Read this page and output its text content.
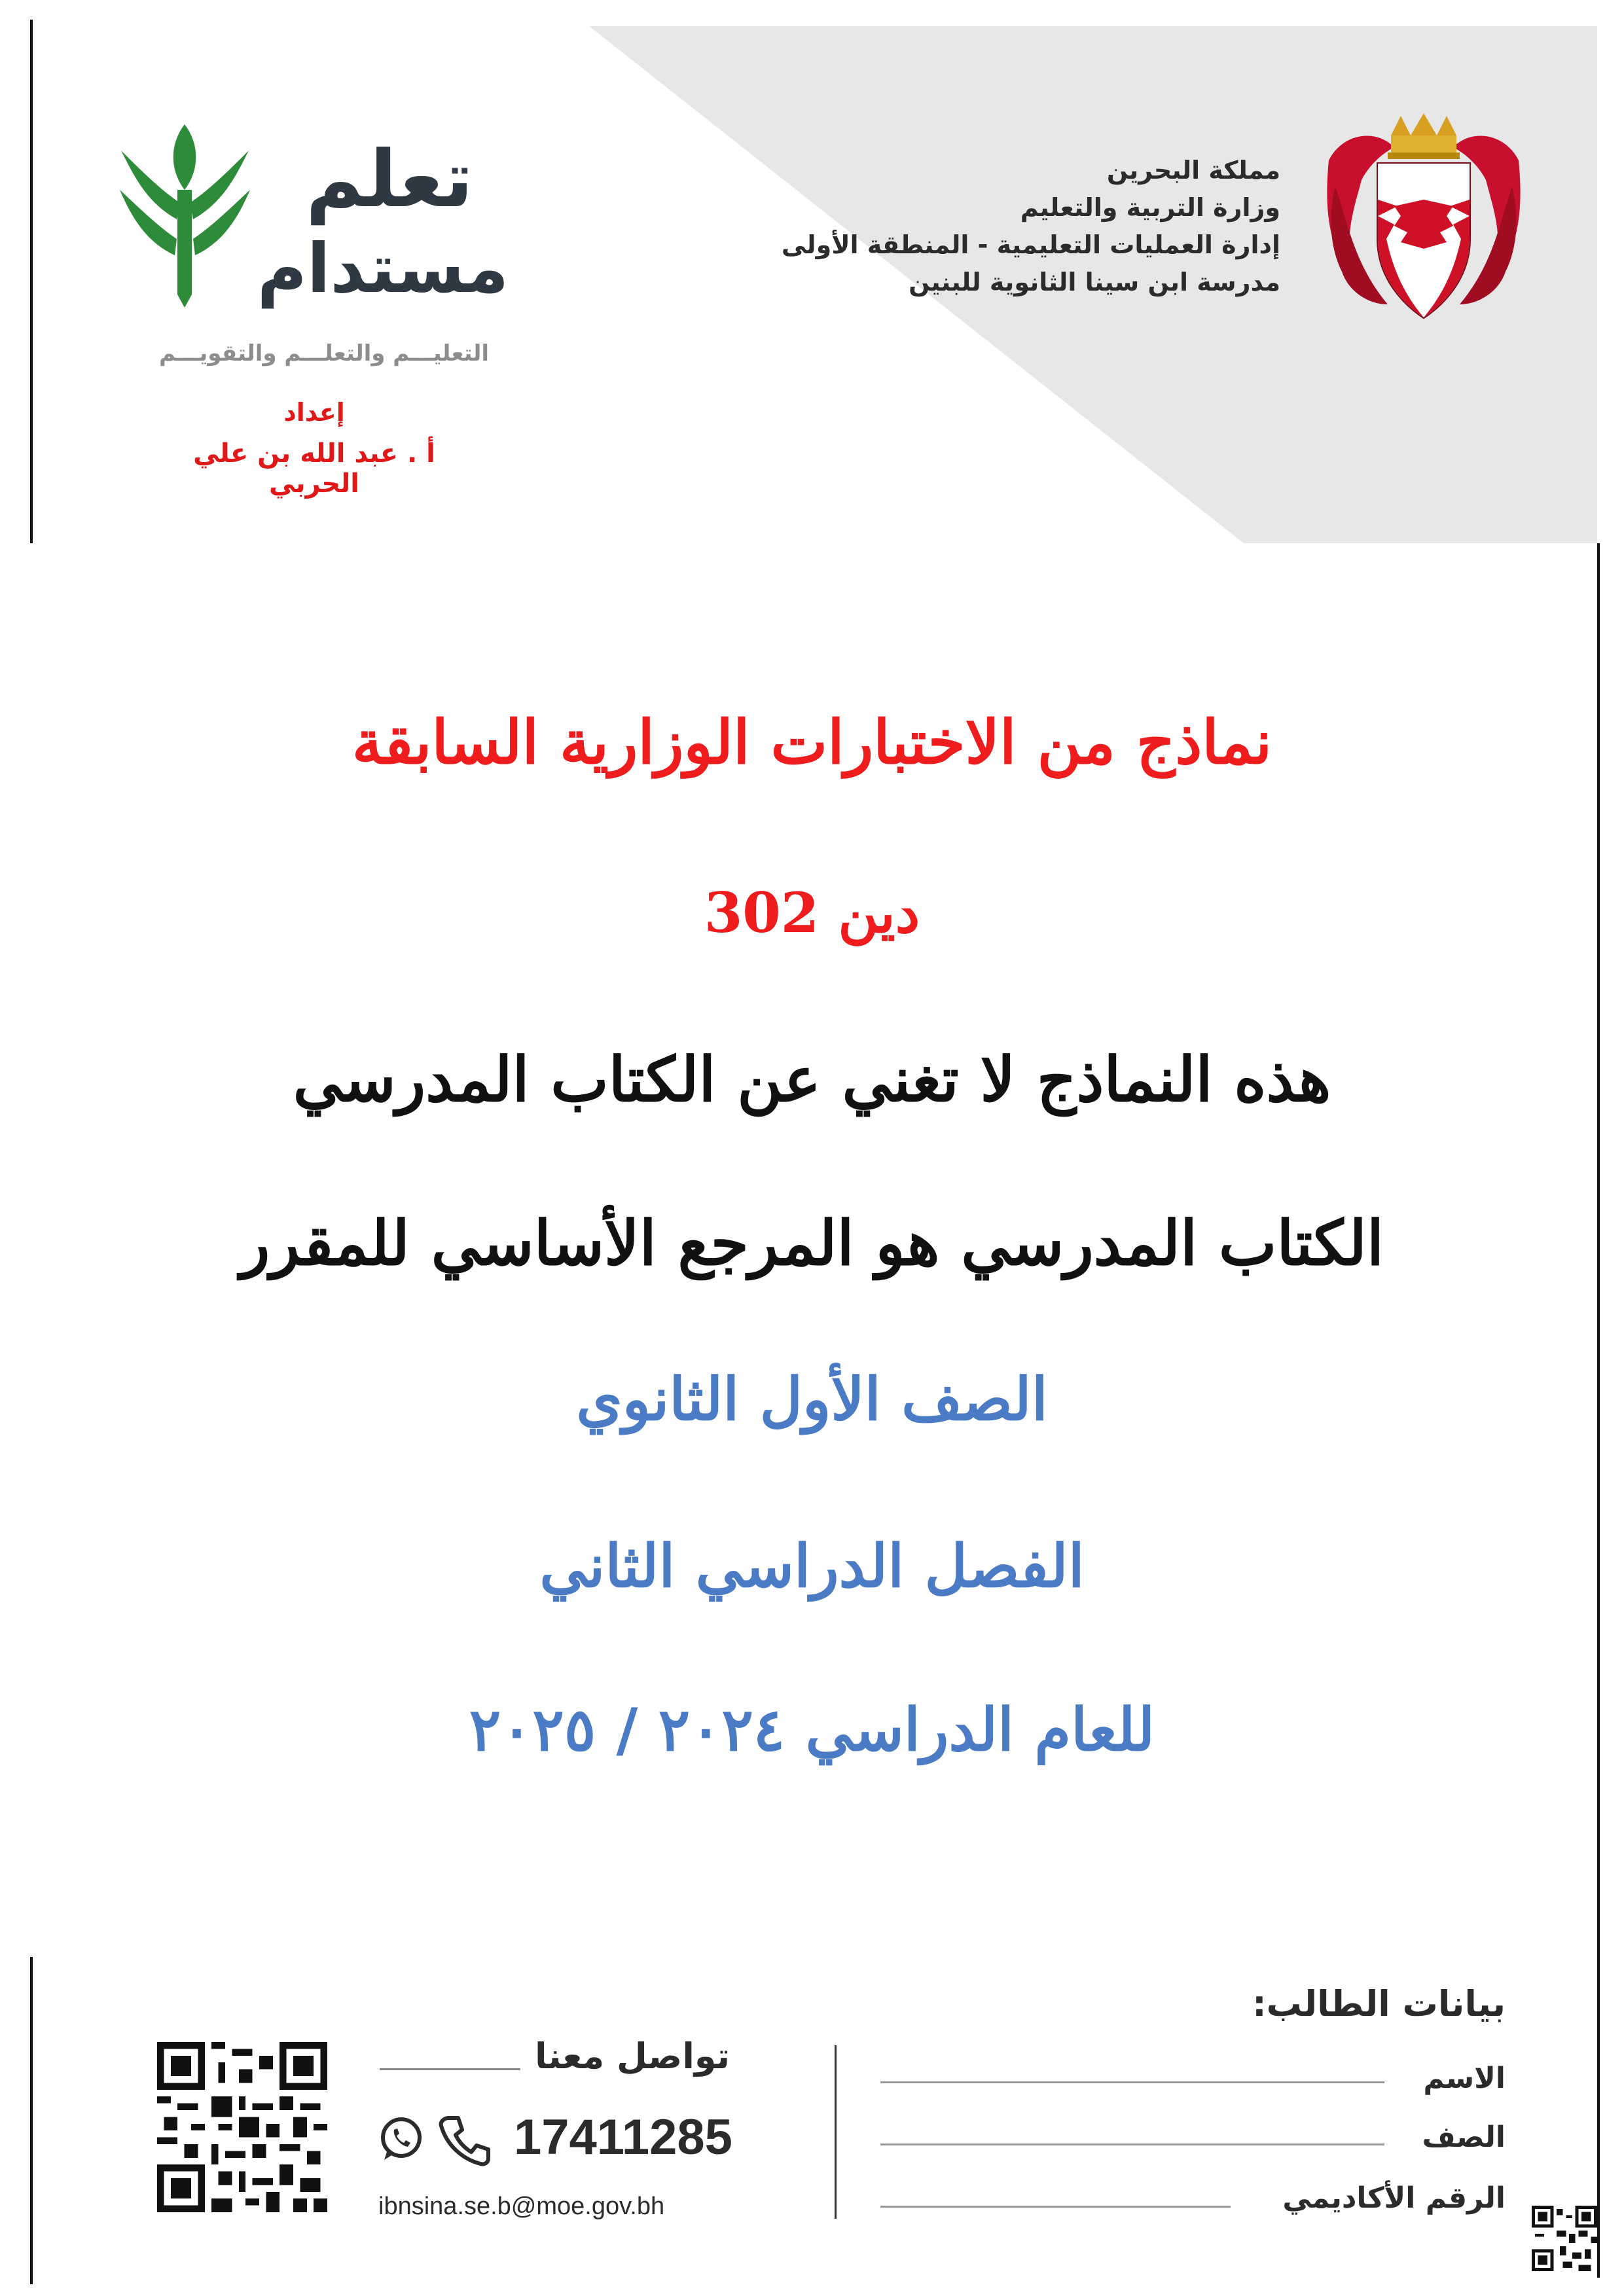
مملكة البحرين
وزارة التربية والتعليم
إدارة العمليات التعليمية - المنطقة الأولى
مدرسة ابن سينا الثانوية للبنين
تعلم
مستدام
التعليـــم والتعلـــم والتقويـــم
إعداد
أ . عبد الله بن علي الحربي
نماذج من الاختبارات الوزارية السابقة
دين 302
هذه النماذج لا تغني عن الكتاب المدرسي
الكتاب المدرسي هو المرجع الأساسي للمقرر
الصف الأول الثانوي
الفصل الدراسي الثاني
للعام الدراسي ٢٠٢٤ / ٢٠٢٥
بيانات الطالب:
الاسم
الصف
الرقم الأكاديمي
تواصل معنا
17411285
ibnsina.se.b@moe.gov.bh
